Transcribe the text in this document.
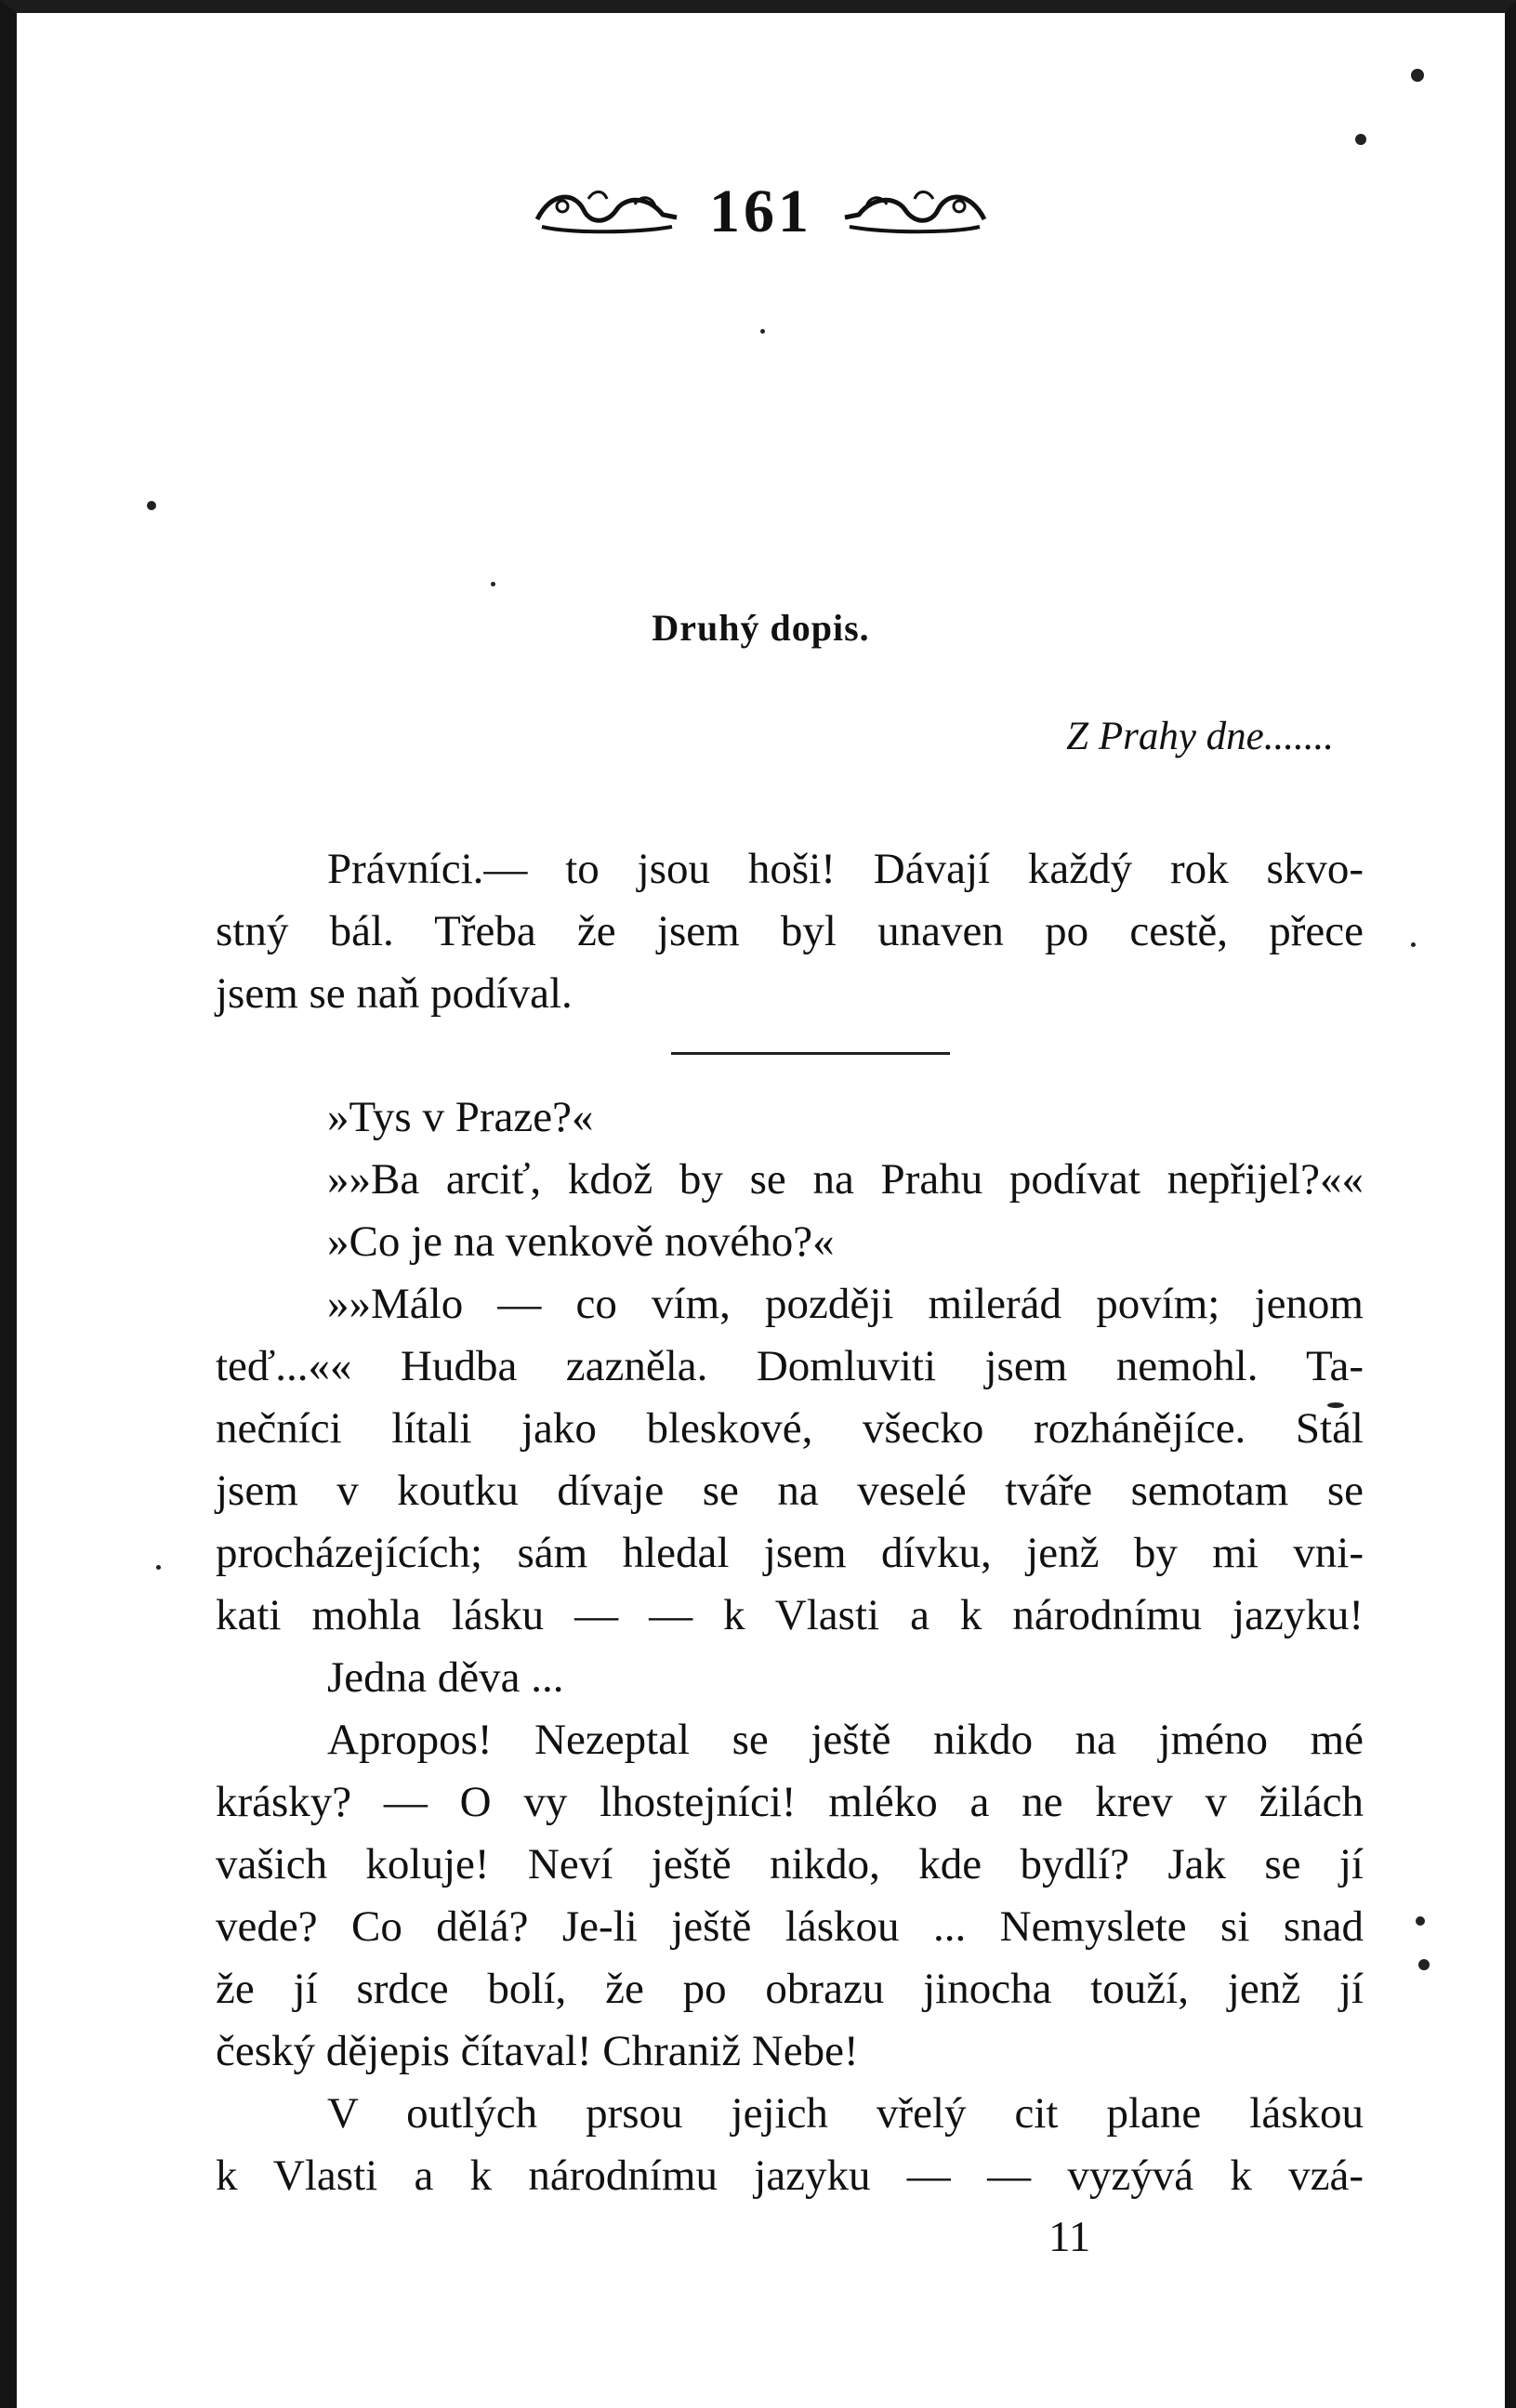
161
Druhý dopis.
Z Prahy dne.......
Právníci.— to jsou hoši! Dávají každý rok skvo-
stný bál. Třeba že jsem byl unaven po cestě, přece
jsem se naň podíval.
»Tys v Praze?«
»»Ba arciť, kdož by se na Prahu podívat nepřijel?««
»Co je na venkově nového?«
»»Málo — co vím, později milerád povím; jenom
teď...«« Hudba zazněla. Domluviti jsem nemohl. Ta-
nečníci lítali jako bleskové, všecko rozhánějíce. Stál
jsem v koutku dívaje se na veselé tváře semotam se
procházejících; sám hledal jsem dívku, jenž by mi vni-
kati mohla lásku — — k Vlasti a k národnímu jazyku!
Jedna děva ...
Apropos! Nezeptal se ještě nikdo na jméno mé
krásky? — O vy lhostejníci! mléko a ne krev v žilách
vašich koluje! Neví ještě nikdo, kde bydlí? Jak se jí
vede? Co dělá? Je-li ještě láskou ... Nemyslete si snad
že jí srdce bolí, že po obrazu jinocha touží, jenž jí
český dějepis čítaval! Chraniž Nebe!
V outlých prsou jejich vřelý cit plane láskou
k Vlasti a k národnímu jazyku — — vyzývá k vzá-
11
